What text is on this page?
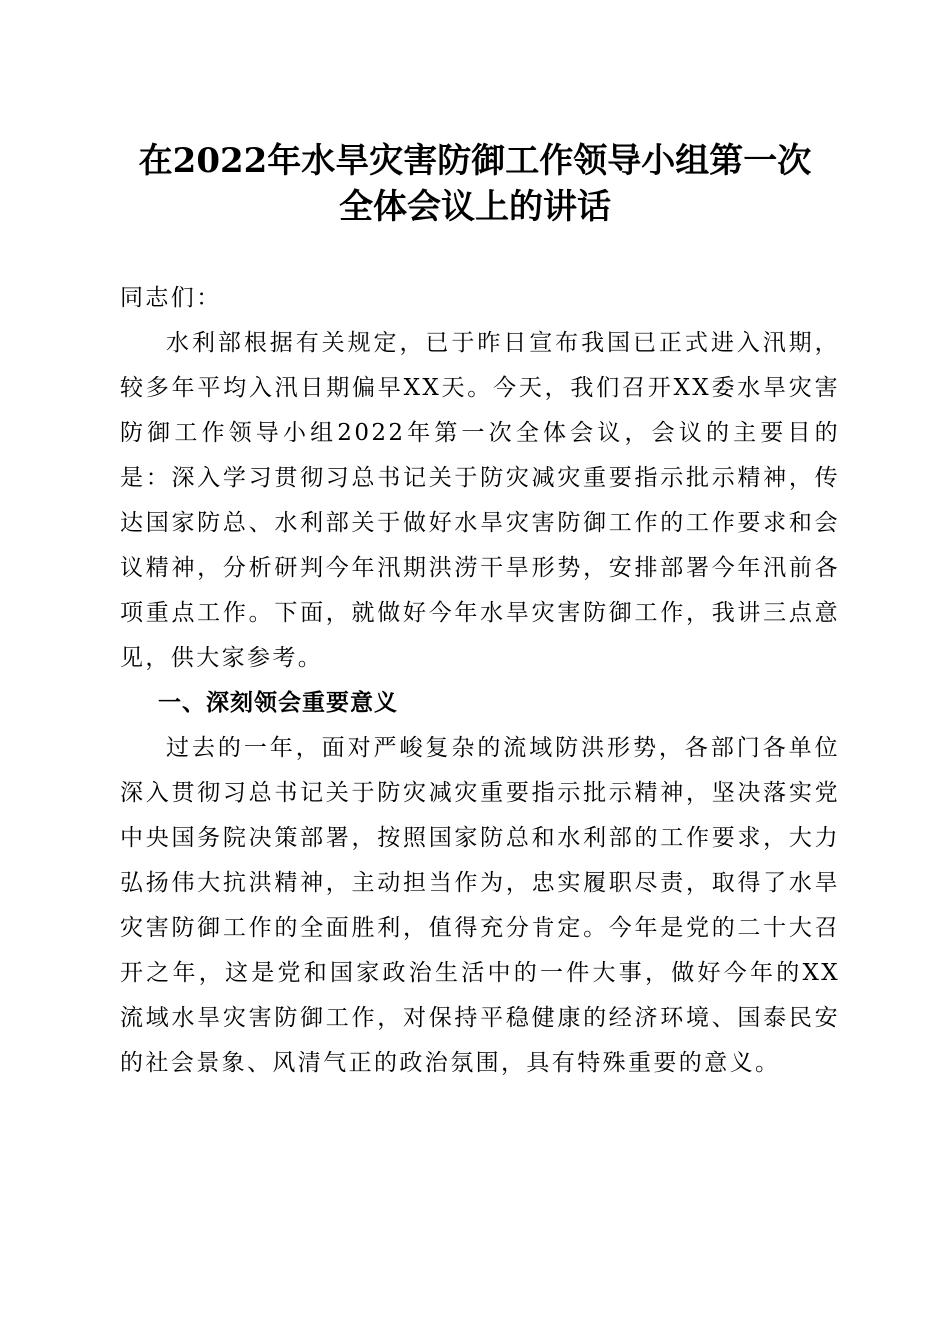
在2022年水旱灾害防御工作领导小组第一次
全体会议上的讲话
同志们：
水利部根据有关规定，已于昨日宣布我国已正式进入汛期，较多年平均入汛日期偏早XX天。今天，我们召开XX委水旱灾害防御工作领导小组2022年第一次全体会议，会议的主要目的是：深入学习贯彻习总书记关于防灾减灾重要指示批示精神，传达国家防总、水利部关于做好水旱灾害防御工作的工作要求和会议精神，分析研判今年汛期洪涝干旱形势，安排部署今年汛前各项重点工作。下面，就做好今年水旱灾害防御工作，我讲三点意见，供大家参考。
一、深刻领会重要意义
过去的一年，面对严峻复杂的流域防洪形势，各部门各单位深入贯彻习总书记关于防灾减灾重要指示批示精神，坚决落实党中央国务院决策部署，按照国家防总和水利部的工作要求，大力弘扬伟大抗洪精神，主动担当作为，忠实履职尽责，取得了水旱灾害防御工作的全面胜利，值得充分肯定。今年是党的二十大召开之年，这是党和国家政治生活中的一件大事，做好今年的XX流域水旱灾害防御工作，对保持平稳健康的经济环境、国泰民安的社会景象、风清气正的政治氛围，具有特殊重要的意义。
